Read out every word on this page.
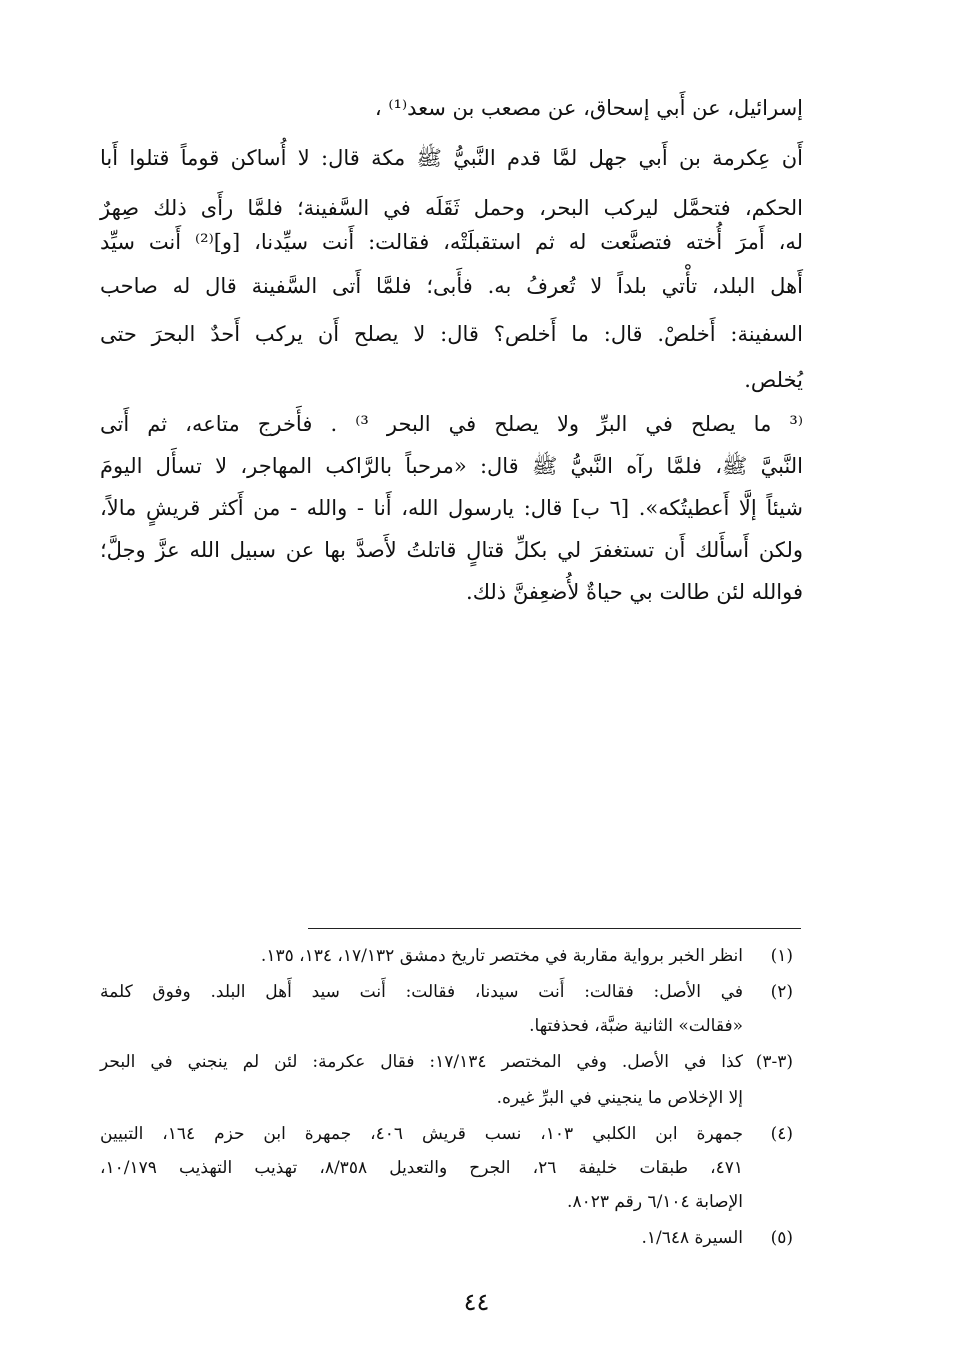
إسرائيل، عن أَبي إسحاق، عن مصعب بن سعد⁽¹⁾ ،
أَن عِكرمة بن أَبي جهل لمَّا قدم النَّبيُّ ﷺ مكة قال: لا أُساكن قوماً قتلوا أَبا
الحكم، فتحمَّل ليركب البحر، وحمل ثَقَلَه في السَّفينة؛ فلمَّا رأَى ذلك صِهرٌ
له، أَمرَ أُخته فتصنَّعت له ثم استقبلَتْه، فقالت: أَنت سيِّدنا، [و]⁽²⁾ أَنت سيِّد
أَهل البلد، تأْتي بلداً لا تُعرفُ به. فأَبى؛ فلمَّا أَتى السَّفينة قال له صاحب
السفينة: أَخلصْ. قال: ما أَخلص؟ قال: لا يصلح أَن يركب أَحدٌ البحرَ حتى
يُخلص.
⁽³ ما يصلح في البرِّ ولا يصلح في البحر ³⁾ . فأَخرج متاعه، ثم أَتى
النَّبيَّ ﷺ، فلمَّا رآه النَّبيُّ ﷺ قال: «مرحباً بالرَّاكب المهاجر، لا تسأَل اليومَ
شيئاً إلَّا أَعطيتُكه». [٦ ب] قال: يارسول الله، أَنا - والله - من أَكثر قريشٍ مالاً،
ولكن أَسأَلك أَن تستغفرَ لي بكلِّ قتالٍ قاتلتُ لأَصدَّ بها عن سبيل الله عزَّ وجلَّ؛
فوالله لئن طالت بي حياةٌ لأُضعِفنَّ ذلك.
(١)
انظر الخبر برواية مقاربة في مختصر تاريخ دمشق ١٧/١٣٢، ١٣٤، ١٣٥.
(٢)
في الأصل: فقالت: أَنت سيدنا، فقالت: أَنت سيد أَهل البلد. وفوق كلمة
«فقالت» الثانية ضبَّة، فحذفتها.
(٣-٣)
كذا في الأصل. وفي المختصر ١٧/١٣٤: فقال عكرمة: لئن لم ينجني في البحر
إلا الإخلاص ما ينجيني في البرِّ غيره.
(٤)
جمهرة ابن الكلبي ١٠٣، نسب قريش ٤٠٦، جمهرة ابن حزم ١٦٤، التبيين
٤٧١، طبقات خليفة ٢٦، الجرح والتعديل ٨/٣٥٨، تهذيب التهذيب ١٠/١٧٩،
الإصابة ٦/١٠٤ رقم ٨٠٢٣.
(٥)
السيرة ١/٦٤٨.
٤٤
